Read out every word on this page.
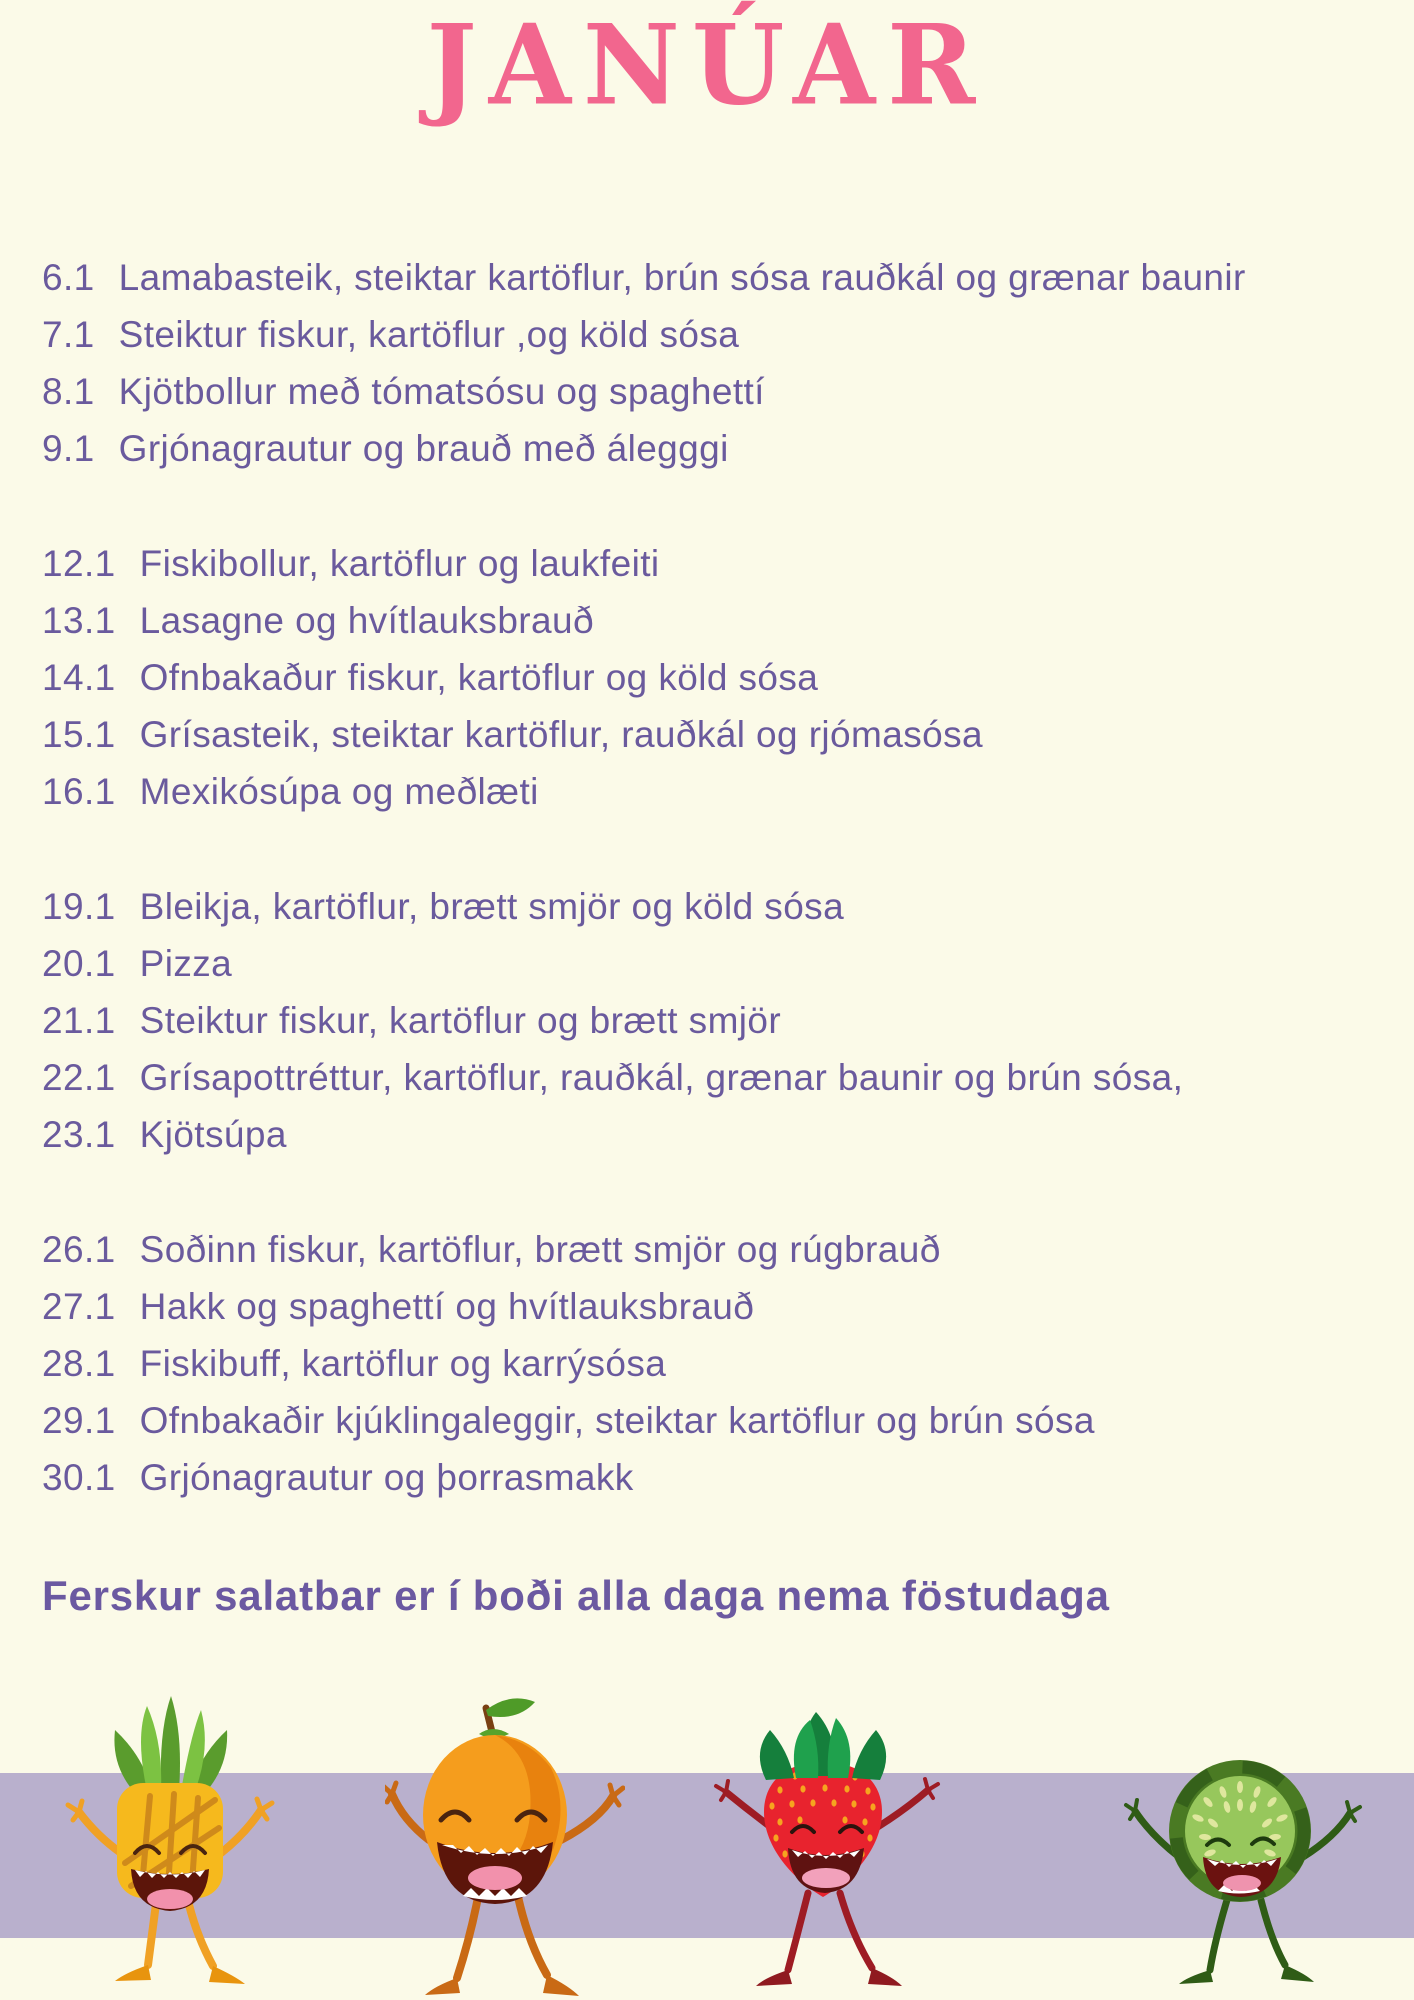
JANÚAR
6.1 Lamabasteik, steiktar kartöflur, brún sósa rauðkál og grænar baunir
7.1 Steiktur fiskur, kartöflur ,og köld sósa
8.1 Kjötbollur með tómatsósu og spaghettí
9.1 Grjónagrautur og brauð með álegggi
12.1 Fiskibollur, kartöflur og laukfeiti
13.1 Lasagne og hvítlauksbrauð
14.1 Ofnbakaður fiskur, kartöflur og köld sósa
15.1 Grísasteik, steiktar kartöflur, rauðkál og rjómasósa
16.1 Mexikósúpa og meðlæti
19.1 Bleikja, kartöflur, brætt smjör og köld sósa
20.1 Pizza
21.1 Steiktur fiskur, kartöflur og brætt smjör
22.1 Grísapottréttur, kartöflur, rauðkál, grænar baunir og brún sósa,
23.1 Kjötsúpa
26.1 Soðinn fiskur, kartöflur, brætt smjör og rúgbrauð
27.1 Hakk og spaghettí og hvítlauksbrauð
28.1 Fiskibuff, kartöflur og karrýsósa
29.1 Ofnbakaðir kjúklingaleggir, steiktar kartöflur og brún sósa
30.1 Grjónagrautur og þorrasmakk
Ferskur salatbar er í boði alla daga nema föstudaga
